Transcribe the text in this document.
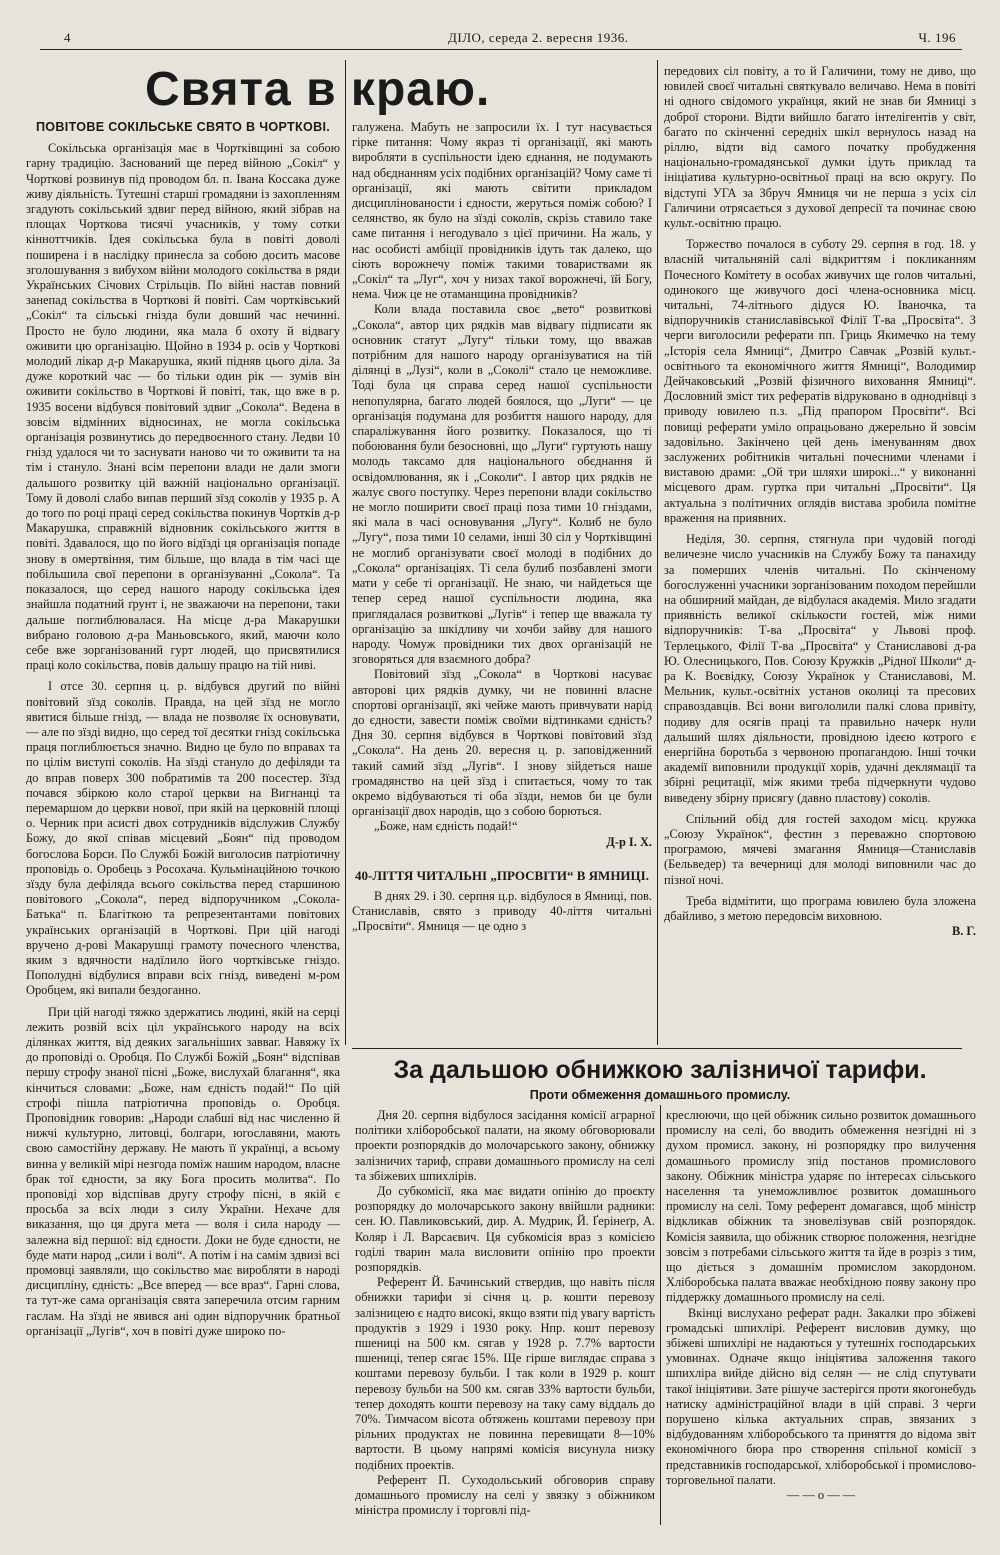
4	ДІЛО, середа 2. вересня 1936.	Ч. 196
Свята в краю.
ПОВІТОВЕ СОКІЛЬСЬКЕ СВЯТО В ЧОРТКОВІ.

Сокільська організація має в Чортківщині за собою гарну традицію. Заснований ще перед війною „Сокіл“ у Чорткові розвинув під проводом бл. п. Івана Коссака дуже живу діяльність. Тутешні старші громадяни із захопленням згадують сокільський здвиг перед війною, який зібрав на площах Чорткова тисячі учасників, у тому сотки кінноттчиків. Ідея сокільська була в повіті доволі поширена і в наслідку принесла за собою досить масове зголошування з вибухом війни молодого сокільства в ряди Українських Січових Стрільців. По війні настав повний занепад сокільства в Чорткові й повіті. Сам чортківський „Сокіл“ та сільські гнізда були довший час нечинні. Просто не було людини, яка мала б охоту й відвагу оживити цю організацію. Щойно в 1934 р. осів у Чорткові молодий лікар д-р Макарушка, який підняв цього діла. За дуже короткий час — бо тільки один рік — зумів він оживити сокільство в Чорткові й повіті, так, що вже в р. 1935 восени відбувся повітовий здвиг „Сокола“. Ведена в зовсім відмінних відносинах, не могла сокільська організація розвинутись до передвоєнного стану. Ледви 10 гнізд удалося чи то заснувати наново чи то оживити та на тім і станулo. Знані всім перепони влади не дали змоги дальшого розвитку цій важній національно організації. Тому й доволі слабо випав перший зїзд соколів у 1935 р. А до того по році праці серед сокільства покинув Чортків д-р Макарушка, справжній відновник сокільського життя в повіті. Здавалося, що по його відїзді ця організація попаде знову в омертвіння, тим більше, що влада в тім часі ще побільшила свої перепони в організуванні „Сокола“. Та показалося, що серед нашого народу сокільська ідея знайшла податний ґрунт і, не зважаючи на перепони, таки дальше поглиблювалася. На місце д-ра Макарушки вибрано головою д-ра Маньовського, який, маючи коло себе вже зорганізований гурт людей, що присвятилися праці коло сокільства, повів дальшу працю на тій ниві.

І отсе 30. серпня ц. р. відбувся другий по війні повітовий зїзд соколів. Правда, на цей зїзд не могло явитися більше гнізд, — влада не позволяє їх основувати, — але по зїзді видно, що серед тої десятки гнізд сокільська праця поглиблюється значно. Видно це було по вправах та по цілім виступі соколів. На зїзді станулo до дефіляди та до вправ поверх 300 побратимів та 200 посестер. Зїзд почався збіркою коло старої церкви на Вигнанці та перемаршом до церкви нової, при якій на церковній площі о. Черник при асисті двох сотрудників відслужив Службу Божу, до якої співав місцевий „Боян“ під проводом богослова Борси. По Службі Божій виголосив патріотичну проповідь о. Оробець з Росохача. Кульмінаційною точкою зїзду була дефіляда всього сокільства перед старшиною повітового „Сокола“, перед відпоручником „Сокола-Батька“ п. Благіткою та репрезентантами повітових українських організацій в Чорткові. При цій нагоді вручено д-рові Макарушці грамоту почесного членства, яким з вдячности надїлило його чортківське гніздо. Пополудні відбулися вправи всіх гнізд, виведені м-ром Оробцем, які випали бездоганно.

При цій нагоді тяжко здержатись людині, якій на серці лежить розвій всіх ціл українського народу на всіх ділянках життя, від деяких загальніших завваг. Навяжу їх до проповіді о. Оробця. По Службі Божій „Боян“ відспівав першу строфу знаної пісні „Боже, вислухай благання“, яка кінчиться словами: „Боже, нам єдність подай!“ По цій строфі пішла патріотична проповідь о. Оробця. Проповідник говорив: „Народи слабші від нас численно й нижчі культурно, литовці, болгари, югославяни, мають свою самостійну державу. Не мають її українці, а всьому винна у великій мірі незгода поміж нашим народом, власне брак тої єдности, за яку Бога просить молитва“. По проповіді хор відспівав другу строфу пісні, в якій є просьба за всіх люди з силу України. Нехаче для виказання, що ця друга мета — воля і сила народу — залежна від першої: від єдности. Доки не буде єдности, не буде мати народ „сили і волі“. А потім і на самім здвизі всі промовці заявляли, що сокільство має виробляти в народі дисципліну, єдність: „Все вперед — все враз“. Гарні слова, та тут-же сама організація свята заперечила отсим гарним гаслам. На зїзді не явився ані один відпоручник братньої організації „Лугів“, хоч в повіті дуже широко по-

галужена. Мабуть не запросили їх. І тут насувається гірке питання: Чому якраз ті організації, які мають виробляти в суспільности ідею єднання, не подумають над обєднанням усіх подібних організацій? Чому саме ті організації, які мають світити прикладом дисциплінованости і єдности, жеруться поміж собою? І селянство, як було на зїзді соколів, скрізь ставило таке саме питання і негодувало з цієї причини. На жаль, у нас особисті амбіції провідників ідуть так далеко, що сіють ворожнечу поміж такими товариствами як „Сокіл“ та „Луг“, хоч у низах такої ворожнечі, їй Богу, нема. Чиж це не отаманщина провідників?

Коли влада поставила своє „вето“ розвиткові „Сокола“, автор цих рядків мав відвагу підписати як основник статут „Лугу“ тільки тому, що вважав потрібним для нашого народу організуватися на тій ділянці в „Лузі“, коли в „Соколі“ стало це неможливе. Тоді була ця справа серед нашої суспільности непопулярна, багато людей боялося, що „Луги“ — це організація подумана для розбиття нашого народу, для спараліжування його розвитку. Показалося, що ті побоювання були безосновні, що „Луги“ гуртують нашу молодь таксамо для національного обєднання й освідомлювання, як і „Соколи“. І автор цих рядків не жалує свого поступку. Через перепони влади сокільство не могло поширити своєї праці поза тими 10 гніздами, які мала в часі основування „Лугу“. Колиб не було „Лугу“, поза тими 10 селами, інші 30 сіл у Чортківщині не моглиб організувати своєї молоді в подібних до „Сокола“ організаціях. Ті села булиб позбавлені змоги мати у себе ті організації. Не знаю, чи найдеться ще тепер серед нашої суспільности людина, яка приглядалася розвиткові „Лугів“ і тепер ще вважала ту організацію за шкідливу чи хочби зайву для нашого народу. Чомуж провідники тих двох організацій не зговоряться для взаємного добра?

Повітовий зїзд „Сокола“ в Чорткові насуває авторові цих рядків думку, чи не повинні власне спортові організації, які чейже мають привчувати нарід до єдности, завести поміж своїми відтинками єдність? Дня 30. серпня відбувся в Чорткові повітовий зїзд „Сокола“. На день 20. вересня ц. р. заповідженний такий самий зїзд „Лугів“. І знову зійдеться наше громадянство на цей зїзд і спитається, чому то так окремо відбуваються ті оба зїзди, немов би це були організації двох народів, що з собою борються.

„Боже, нам єдність подай!“

Д-р І. Х.
40-ЛІТТЯ ЧИТАЛЬНІ „ПРОСВІТИ“ В ЯМНИЦІ.

В днях 29. і 30. серпня ц.р. відбулося в Ямниці, пов. Станиславів, свято з приводу 40-ліття читальні „Просвіти“. Ямниця — це одно з

передових сіл повіту, а то й Галичини, тому не диво, що ювилей своєї читальні святкувало величаво. Нема в повіті ні одного свідомого українця, який не знав би Ямниці з доброї сторони. Відти вийшло багато інтелігентів у світ, багато по скінченні середніх шкіл вернулось назад на ріллю, відти від самого початку пробудження національно-громадянської думки ідуть приклад та ініціатива культурно-освітньої праці на всю округу. По відступі УГА за Збруч Ямниця чи не перша з усіх сіл Галичини отрясається з духової депресії та починає свою культ.-освітню працю.

Торжество почалося в суботу 29. серпня в год. 18. у власній читальняній салі відкриттям і покликанням Почесного Комітету в особах живучих ще голов читальні, одинокого ще живучого досі члена-основника місц. читальні, 74-літнього дідуся Ю. Іваночка, та відпоручників станиславівської Філії Т-ва „Просвіта“. З черги виголосили реферати пп. Гриць Якимечко на тему „Історія села Ямниці“, Дмитро Савчак „Розвій культ.-освітнього та економічного життя Ямниці“, Володимир Дейчаковський „Розвій фізичного виховання Ямниці“. Дословний зміст тих рефератів відруковано в одноднівці з приводу ювилею п.з. „Під прапором Просвіти“. Всі повищі реферати уміло опрацьовано джерельно й зовсім задовільно. Закінчено цей день іменуванням двох заслужених робітників читальні почесними членами і виставою драми: „Ой три шляхи широкі...“ у виконанні місцевого драм. гуртка при читальні „Просвіти“. Ця актуальна з політичних оглядів вистава зробила помітне враження на приявних.

Неділя, 30. серпня, стягнула при чудовій погоді величезне число учасників на Службу Божу та панахиду за померших членів читальні. По скінченому богослуженні учасники зорганізованим походом перейшли на обширний майдан, де відбулася академія. Мило згадати приявність великої скількости гостей, між ними відпоручників: Т-ва „Просвіта“ у Львові проф. Терлецького, Філії Т-ва „Просвіта“ у Станиславові д-ра Ю. Олесницького, Пов. Союзу Кружків „Рідної Школи“ д-ра К. Воєвідку, Союзу Українок у Станиславові, М. Мельник, культ.-освітніх установ околиці та пресових справоздавців. Всі вони вигололили палкі слова привіту, подиву для осягів праці та правильно начерк нули дальший шлях діяльности, провідною ідеєю котрого є енергійна боротьба з червоною пропагандою. Інші точки академії виповнили продукції хорів, удачні деклямації та збірні рецитації, між якими треба підчеркнути чудово виведену збірну присягу (давно пластову) соколів.

Спільний обід для гостей заходом місц. кружка „Союзу Українок“, фестин з переважно спортовою програмою, мячеві змагання Ямниця—Станиславів (Бельведер) та вечерниці для молоді виповнили час до пізної ночі.

Треба відмітити, що програма ювилею була зложена дбайливо, з метою передовсім виховною.

В. Г.
За дальшою обнижкою залізничої тарифи.
Проти обмеження домашнього промислу.

Дня 20. серпня відбулося засідання комісії аграрної політики хліборобської палати, на якому обговорювали проекти розпорядків до молочарського закону, обнижку залізничих тариф, справи домашнього промислу на селі та збіжевих шпихлірів.

До субкомісії, яка має видати опінію до проєкту розпорядку до молочарського закону ввійшли радники: сен. Ю. Павликовський, дир. А. Мудрик, Й. Ґерінеґр, А. Коляр і Л. Варсаєвич. Ця субкомісія враз з комісією годілі тварин мала висловити опінію про проекти розпорядків.

Референт Й. Бачинський ствердив, що навіть після обнижки тарифи зі січня ц. р. кошти перевозу залізницею є надто високі, якщо взяти під увагу вартість продуктів з 1929 і 1930 року. Нпр. кошт перевозу пшениці на 500 км. сягав у 1928 р. 7.7% вартости пшениці, тепер сягає 15%. Ще гірше виглядає справа з коштами перевозу бульби. І так коли в 1929 р. кошт перевозу бульби на 500 км. сягав 33% вартости бульби, тепер доходять кошти перевозу на таку саму віддаль до 70%. Тимчасом вісота обтяжень коштами перевозу при рільних продуктах не повинна перевищати 8—10% вартости. В цьому напрямі комісія висунула низку подібних проектів.

Референт П. Суходольський обговорив справу домашнього промислу на селі у звязку з обіжником міністра промислу і торговлі під-

креслюючи, що цей обіжник сильно розвиток домашнього промислу на селі, бо вводить обмеження незгідні ні з духом промисл. закону, ні розпорядку про вилучення домашнього промислу зпід постанов промислового закону. Обіжник міністра ударяє по інтересах сільського населення та унеможливлює розвиток домашнього промислу на селі. Тому референт домагався, щоб міністр відкликав обіжник та зновелізував свій розпорядок. Комісія заявила, що обіжник створює положення, незгідне зовсім з потребами сільського життя та йде в розріз з тим, що діється з домашнім промислом закордоном. Хліборобська палата вважає необхідною появу закону про піддержку домашнього промислу на селі.

Вкінці вислухано реферат радн. Закалки про збіжеві громадські шпихлірі. Референт висловив думку, що збіжеві шпихлірі не надаються у тутешніх господарських умовинах. Одначе якщо ініціятива заложення такого шпихліра вийде дійсно від селян — не слід спутувати такої ініціятиви. Зате рішуче застерігся проти якогонебудь натиску адміністраційної влади в цій справі. З черги порушено кілька актуальних справ, звязаних з відбудованням хліборобського та приняття до відома звіт економічного бюра про створення спільної комісії з представників господарської, хліборобської і промислово-торговельної палати.

— — о — —
